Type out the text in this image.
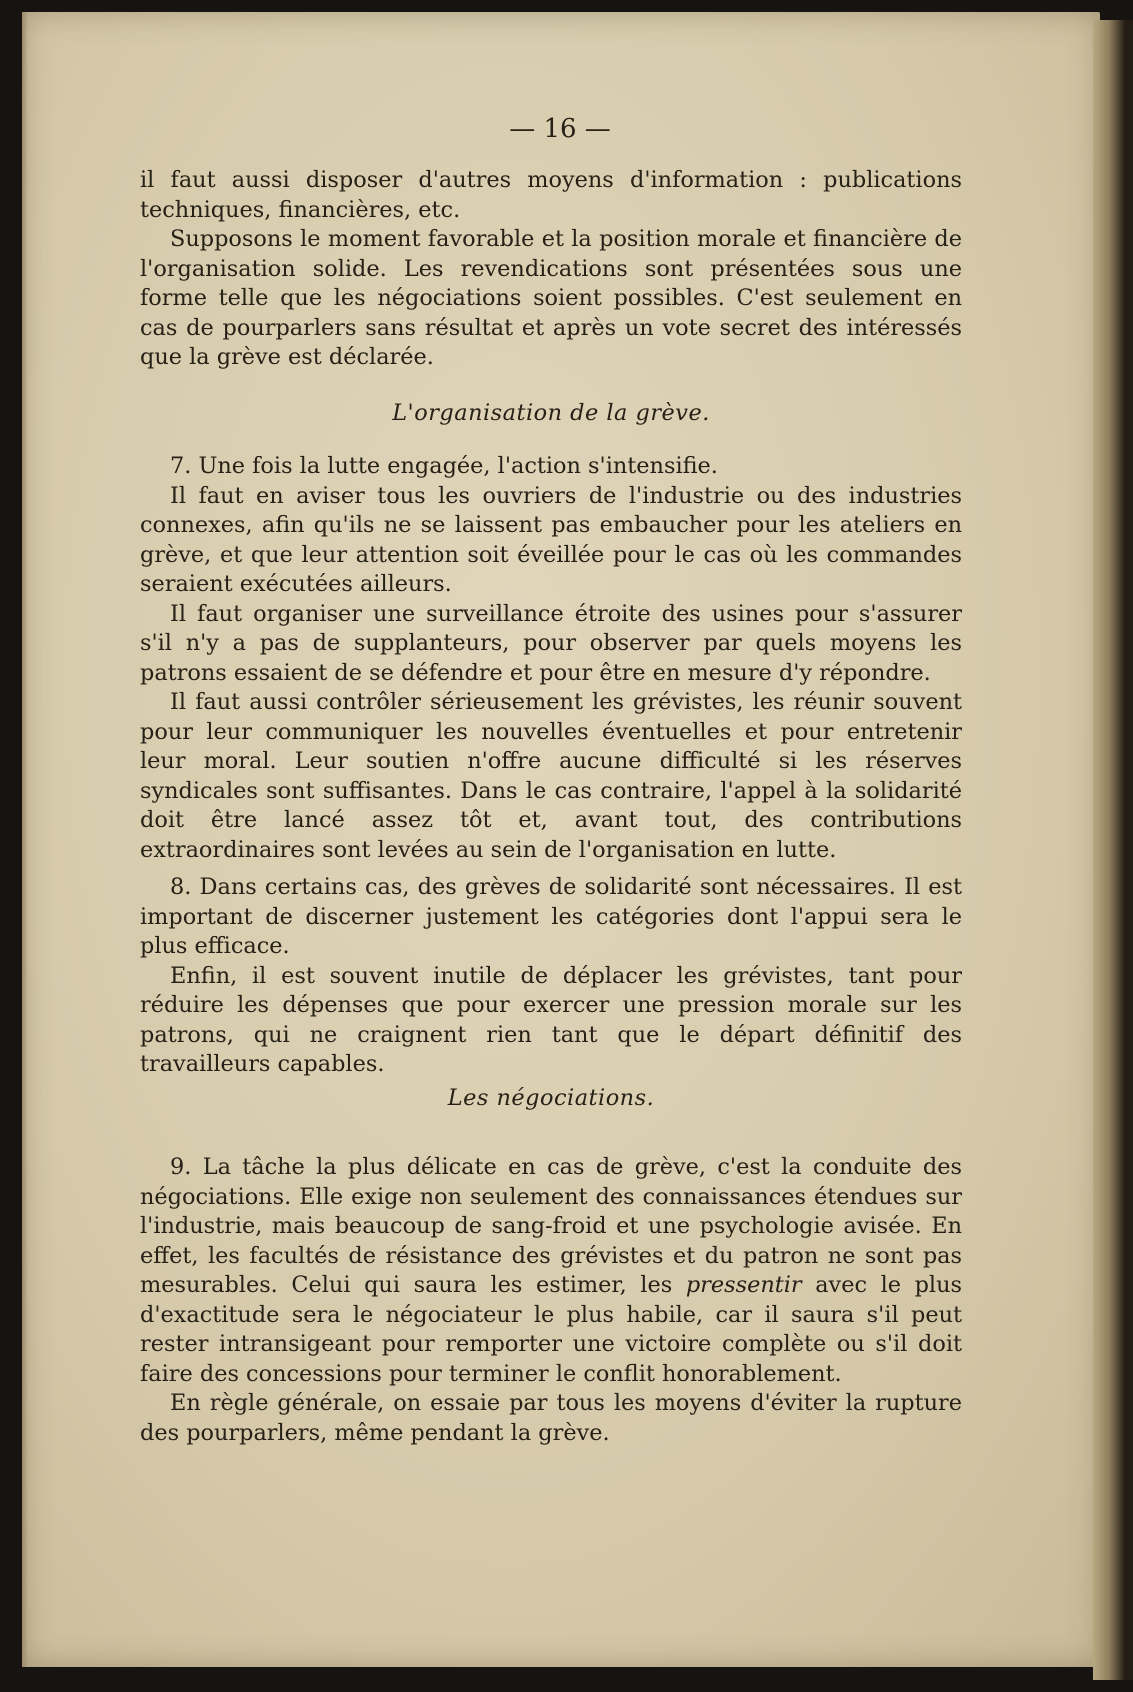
— 16 —

il faut aussi disposer d'autres moyens d'information : publications techniques, financières, etc.

Supposons le moment favorable et la position morale et financière de l'organisation solide. Les revendications sont présentées sous une forme telle que les négociations soient possibles. C'est seulement en cas de pourparlers sans résultat et après un vote secret des intéressés que la grève est déclarée.

L'organisation de la grève.

7. Une fois la lutte engagée, l'action s'intensifie.

Il faut en aviser tous les ouvriers de l'industrie ou des industries connexes, afin qu'ils ne se laissent pas embaucher pour les ateliers en grève, et que leur attention soit éveillée pour le cas où les commandes seraient exécutées ailleurs.

Il faut organiser une surveillance étroite des usines pour s'assurer s'il n'y a pas de supplanteurs, pour observer par quels moyens les patrons essaient de se défendre et pour être en mesure d'y répondre.

Il faut aussi contrôler sérieusement les grévistes, les réunir souvent pour leur communiquer les nouvelles éventuelles et pour entretenir leur moral. Leur soutien n'offre aucune difficulté si les réserves syndicales sont suffisantes. Dans le cas contraire, l'appel à la solidarité doit être lancé assez tôt et, avant tout, des contributions extraordinaires sont levées au sein de l'organisation en lutte.

8. Dans certains cas, des grèves de solidarité sont nécessaires. Il est important de discerner justement les catégories dont l'appui sera le plus efficace.

Enfin, il est souvent inutile de déplacer les grévistes, tant pour réduire les dépenses que pour exercer une pression morale sur les patrons, qui ne craignent rien tant que le départ définitif des travailleurs capables.

Les négociations.

9. La tâche la plus délicate en cas de grève, c'est la conduite des négociations. Elle exige non seulement des connaissances étendues sur l'industrie, mais beaucoup de sang-froid et une psychologie avisée. En effet, les facultés de résistance des grévistes et du patron ne sont pas mesurables. Celui qui saura les estimer, les pressentir avec le plus d'exactitude sera le négociateur le plus habile, car il saura s'il peut rester intransigeant pour remporter une victoire complète ou s'il doit faire des concessions pour terminer le conflit honorablement.

En règle générale, on essaie par tous les moyens d'éviter la rupture des pourparlers, même pendant la grève.
